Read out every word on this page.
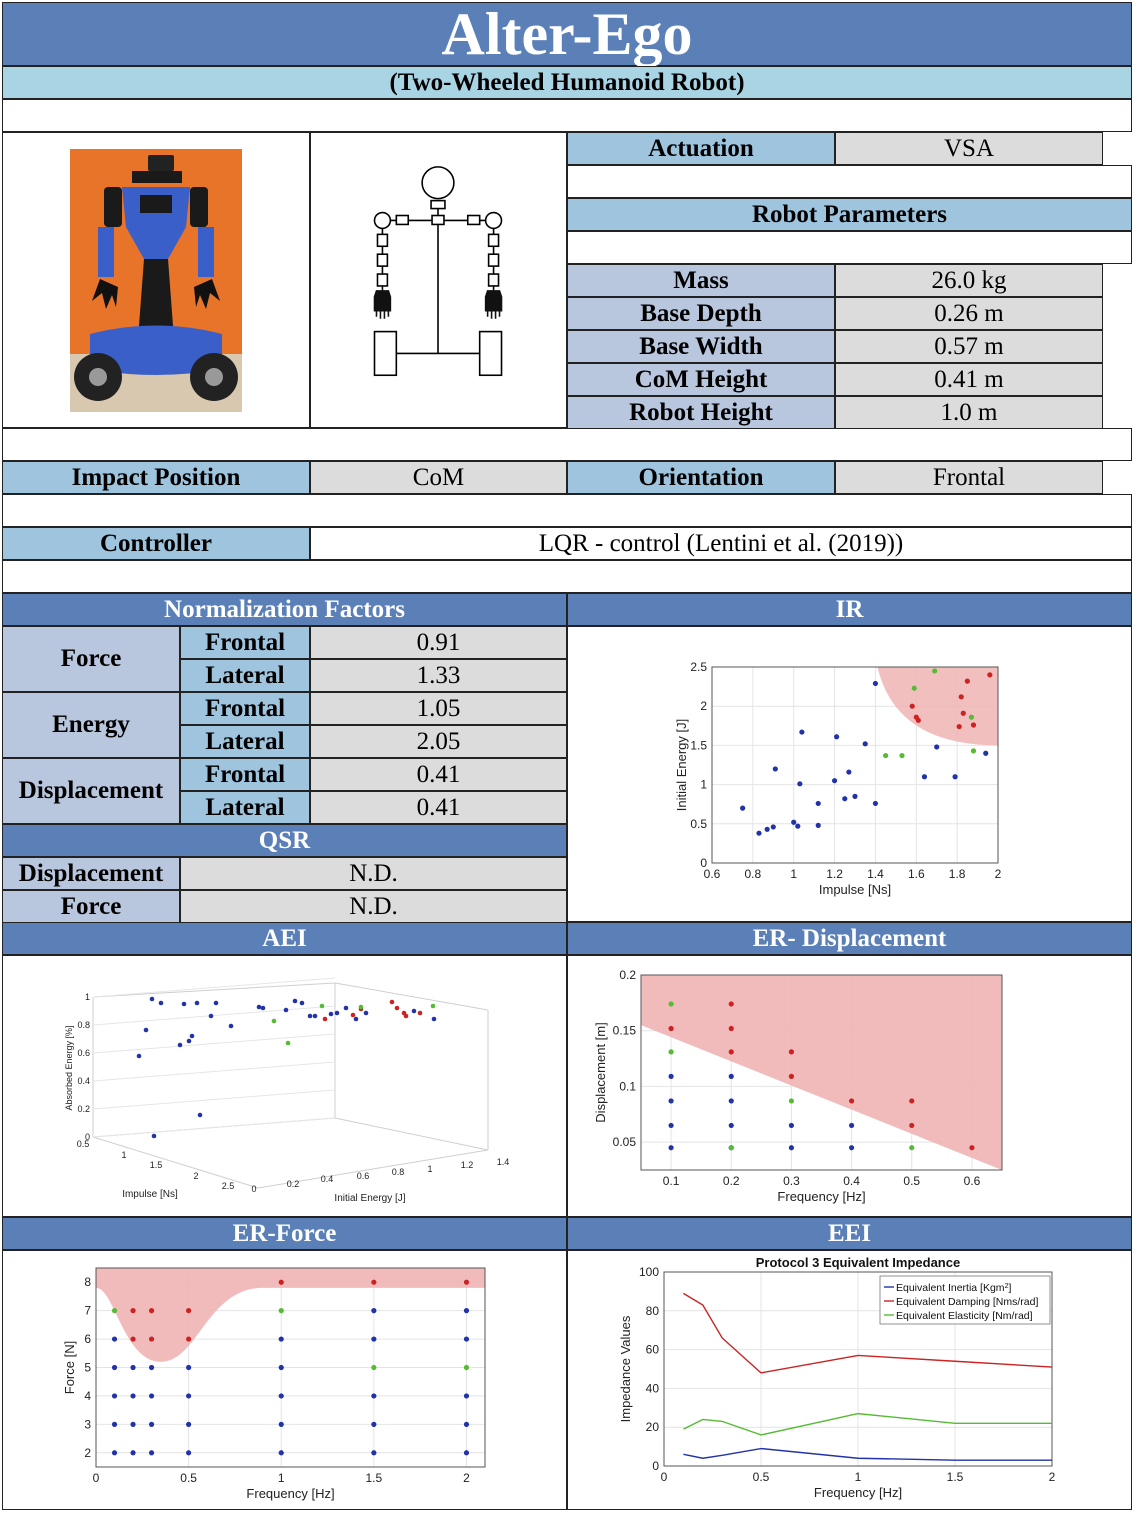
Alter-Ego
(Two-Wheeled Humanoid Robot)
Actuation	VSA
Robot Parameters
Impact Position	CoM	Orientation	Frontal
Controller	LQR - control (Lentini et al. (2019))
Normalization Factors
QSR
IR
0.6 0.8 1 1.2 1.4 1.6 1.8 2
0
0.5
1
1.5
2
2.5
Impulse [Ns]
Initial Energy [J]
AEI
0
0.2
0.4
0.6
0.8
1
0.5
1
1.5
2
2.5 0	0.2 0.4	0.6 0.8	1	1.2	1.4
Impulse [Ns]	Initial Energy [J]
Absorbed Energy [%]
ER- Displacement
0.1	0.2	0.3	0.4	0.5	0.6
0.05
0.1
0.15
0.2
Frequency [Hz]
Displacement [m]
ER-Force
0	0.5	1	1.5	2
2
3
4
5
6
7
8
Frequency [Hz]
Force [N]
EEI
0	0.5	1	1.5	2
0
20
40
60
80
100
Frequency [Hz]
Impedance Values
Protocol 3 Equivalent Impedance
Equivalent Inertia [Kgm$^2$]
Equivalent Damping [Nms/rad]
Equivalent Elasticity [Nm/rad]
Mass	26.0 kg
Base Depth	0.26 m
Base Width	0.57 m
CoM Height	0.41 m
Robot Height	1.0 m
Force
Frontal	0.91
Lateral	1.33
Energy
Frontal	1.05
Lateral	2.05
Displacement
Frontal	0.41
Lateral	0.41
Displacement	N.D.
Force	N.D.
